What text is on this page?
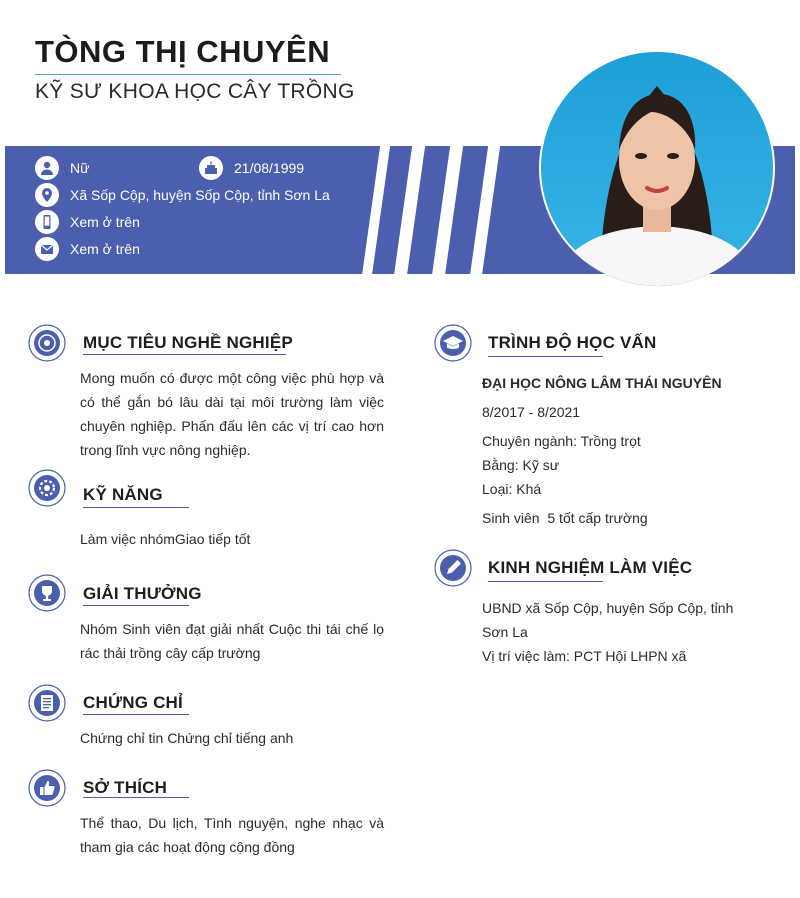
TÒNG THỊ CHUYÊN
KỸ SƯ KHOA HỌC CÂY TRỒNG
Nữ	21/08/1999
Xã Sốp Cộp, huyện Sốp Cộp, tỉnh Sơn La
Xem ở trên
Xem ở trên
MỤC TIÊU NGHỀ NGHIỆP
Mong muốn có được một công việc phù hợp và có thể gắn bó lâu dài tại môi trường làm việc chuyên nghiệp. Phấn đấu lên các vị trí cao hơn trong lĩnh vực nông nghiệp.
KỸ NĂNG
Làm việc nhómGiao tiếp tốt
GIẢI THƯỞNG
Nhóm Sinh viên đạt giải nhất Cuộc thi tái chế lọ rác thải trồng cây cấp trường
CHỨNG CHỈ
Chứng chỉ tin Chứng chỉ tiếng anh
SỞ THÍCH
Thể thao, Du lịch, Tình nguyện, nghe nhạc và tham gia các hoạt động cộng đồng
TRÌNH ĐỘ HỌC VẤN
ĐẠI HỌC NÔNG LÂM THÁI NGUYÊN
8/2017 - 8/2021
Chuyên ngành: Trồng trọt
Bằng: Kỹ sư
Loại: Khá
Sinh viên  5 tốt cấp trường
KINH NGHIỆM LÀM VIỆC
UBND xã Sốp Cộp, huyện Sốp Cộp, tỉnh Sơn La
Vị trí việc làm: PCT Hội LHPN xã
